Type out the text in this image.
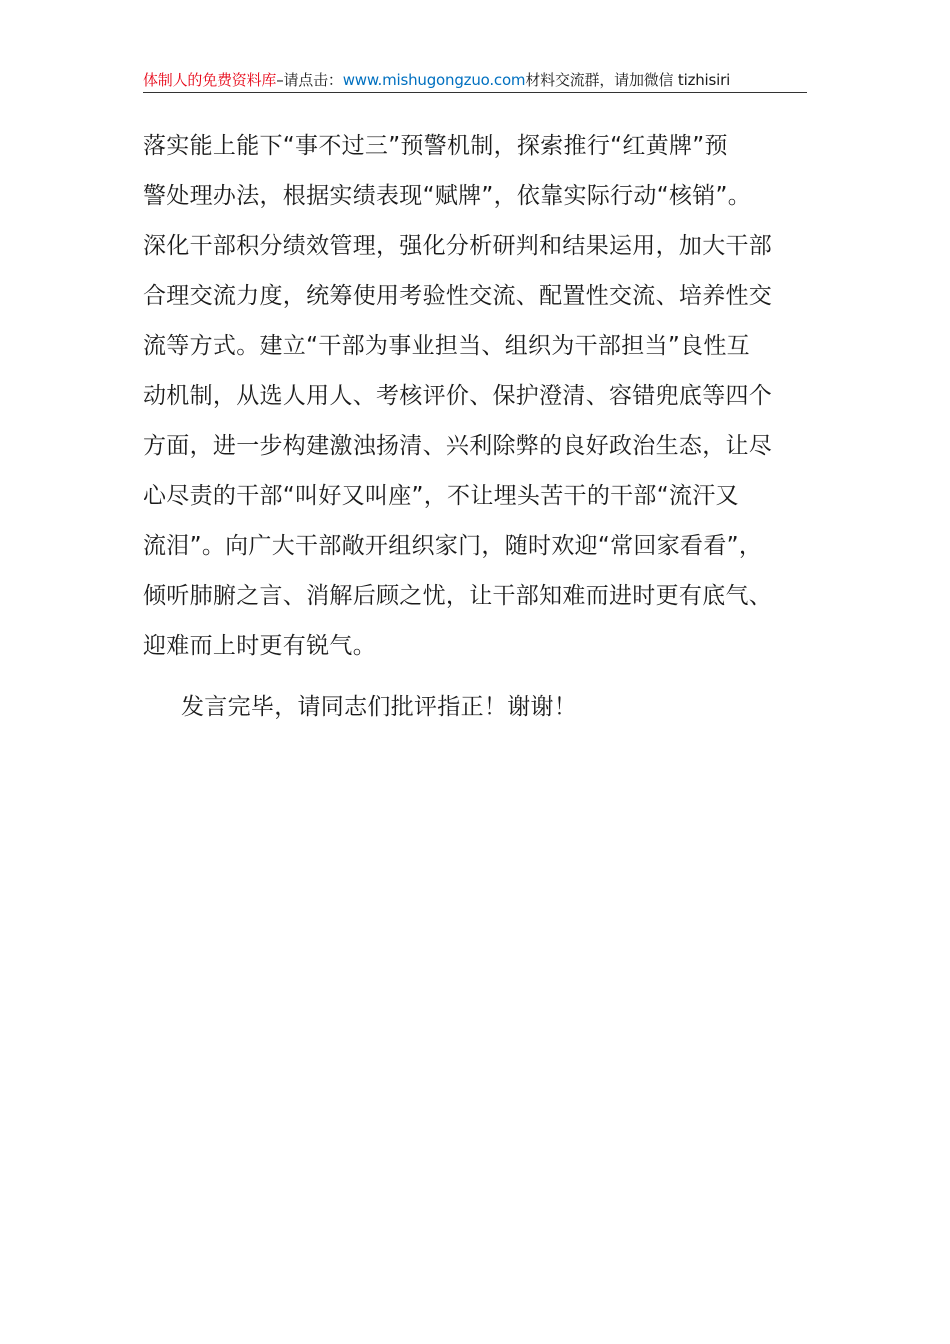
体制人的免费资料库–请点击：www.mishugongzuo.com材料交流群，请加微信 tizhisiri
落实能上能下“事不过三”预警机制，探索推行“红黄牌”预
警处理办法，根据实绩表现“赋牌”，依靠实际行动“核销”。
深化干部积分绩效管理，强化分析研判和结果运用，加大干部
合理交流力度，统筹使用考验性交流、配置性交流、培养性交
流等方式。建立“干部为事业担当、组织为干部担当”良性互
动机制，从选人用人、考核评价、保护澄清、容错兜底等四个
方面，进一步构建激浊扬清、兴利除弊的良好政治生态，让尽
心尽责的干部“叫好又叫座”，不让埋头苦干的干部“流汗又
流泪”。向广大干部敞开组织家门，随时欢迎“常回家看看”，
倾听肺腑之言、消解后顾之忧，让干部知难而进时更有底气、
迎难而上时更有锐气。
发言完毕，请同志们批评指正！谢谢！
